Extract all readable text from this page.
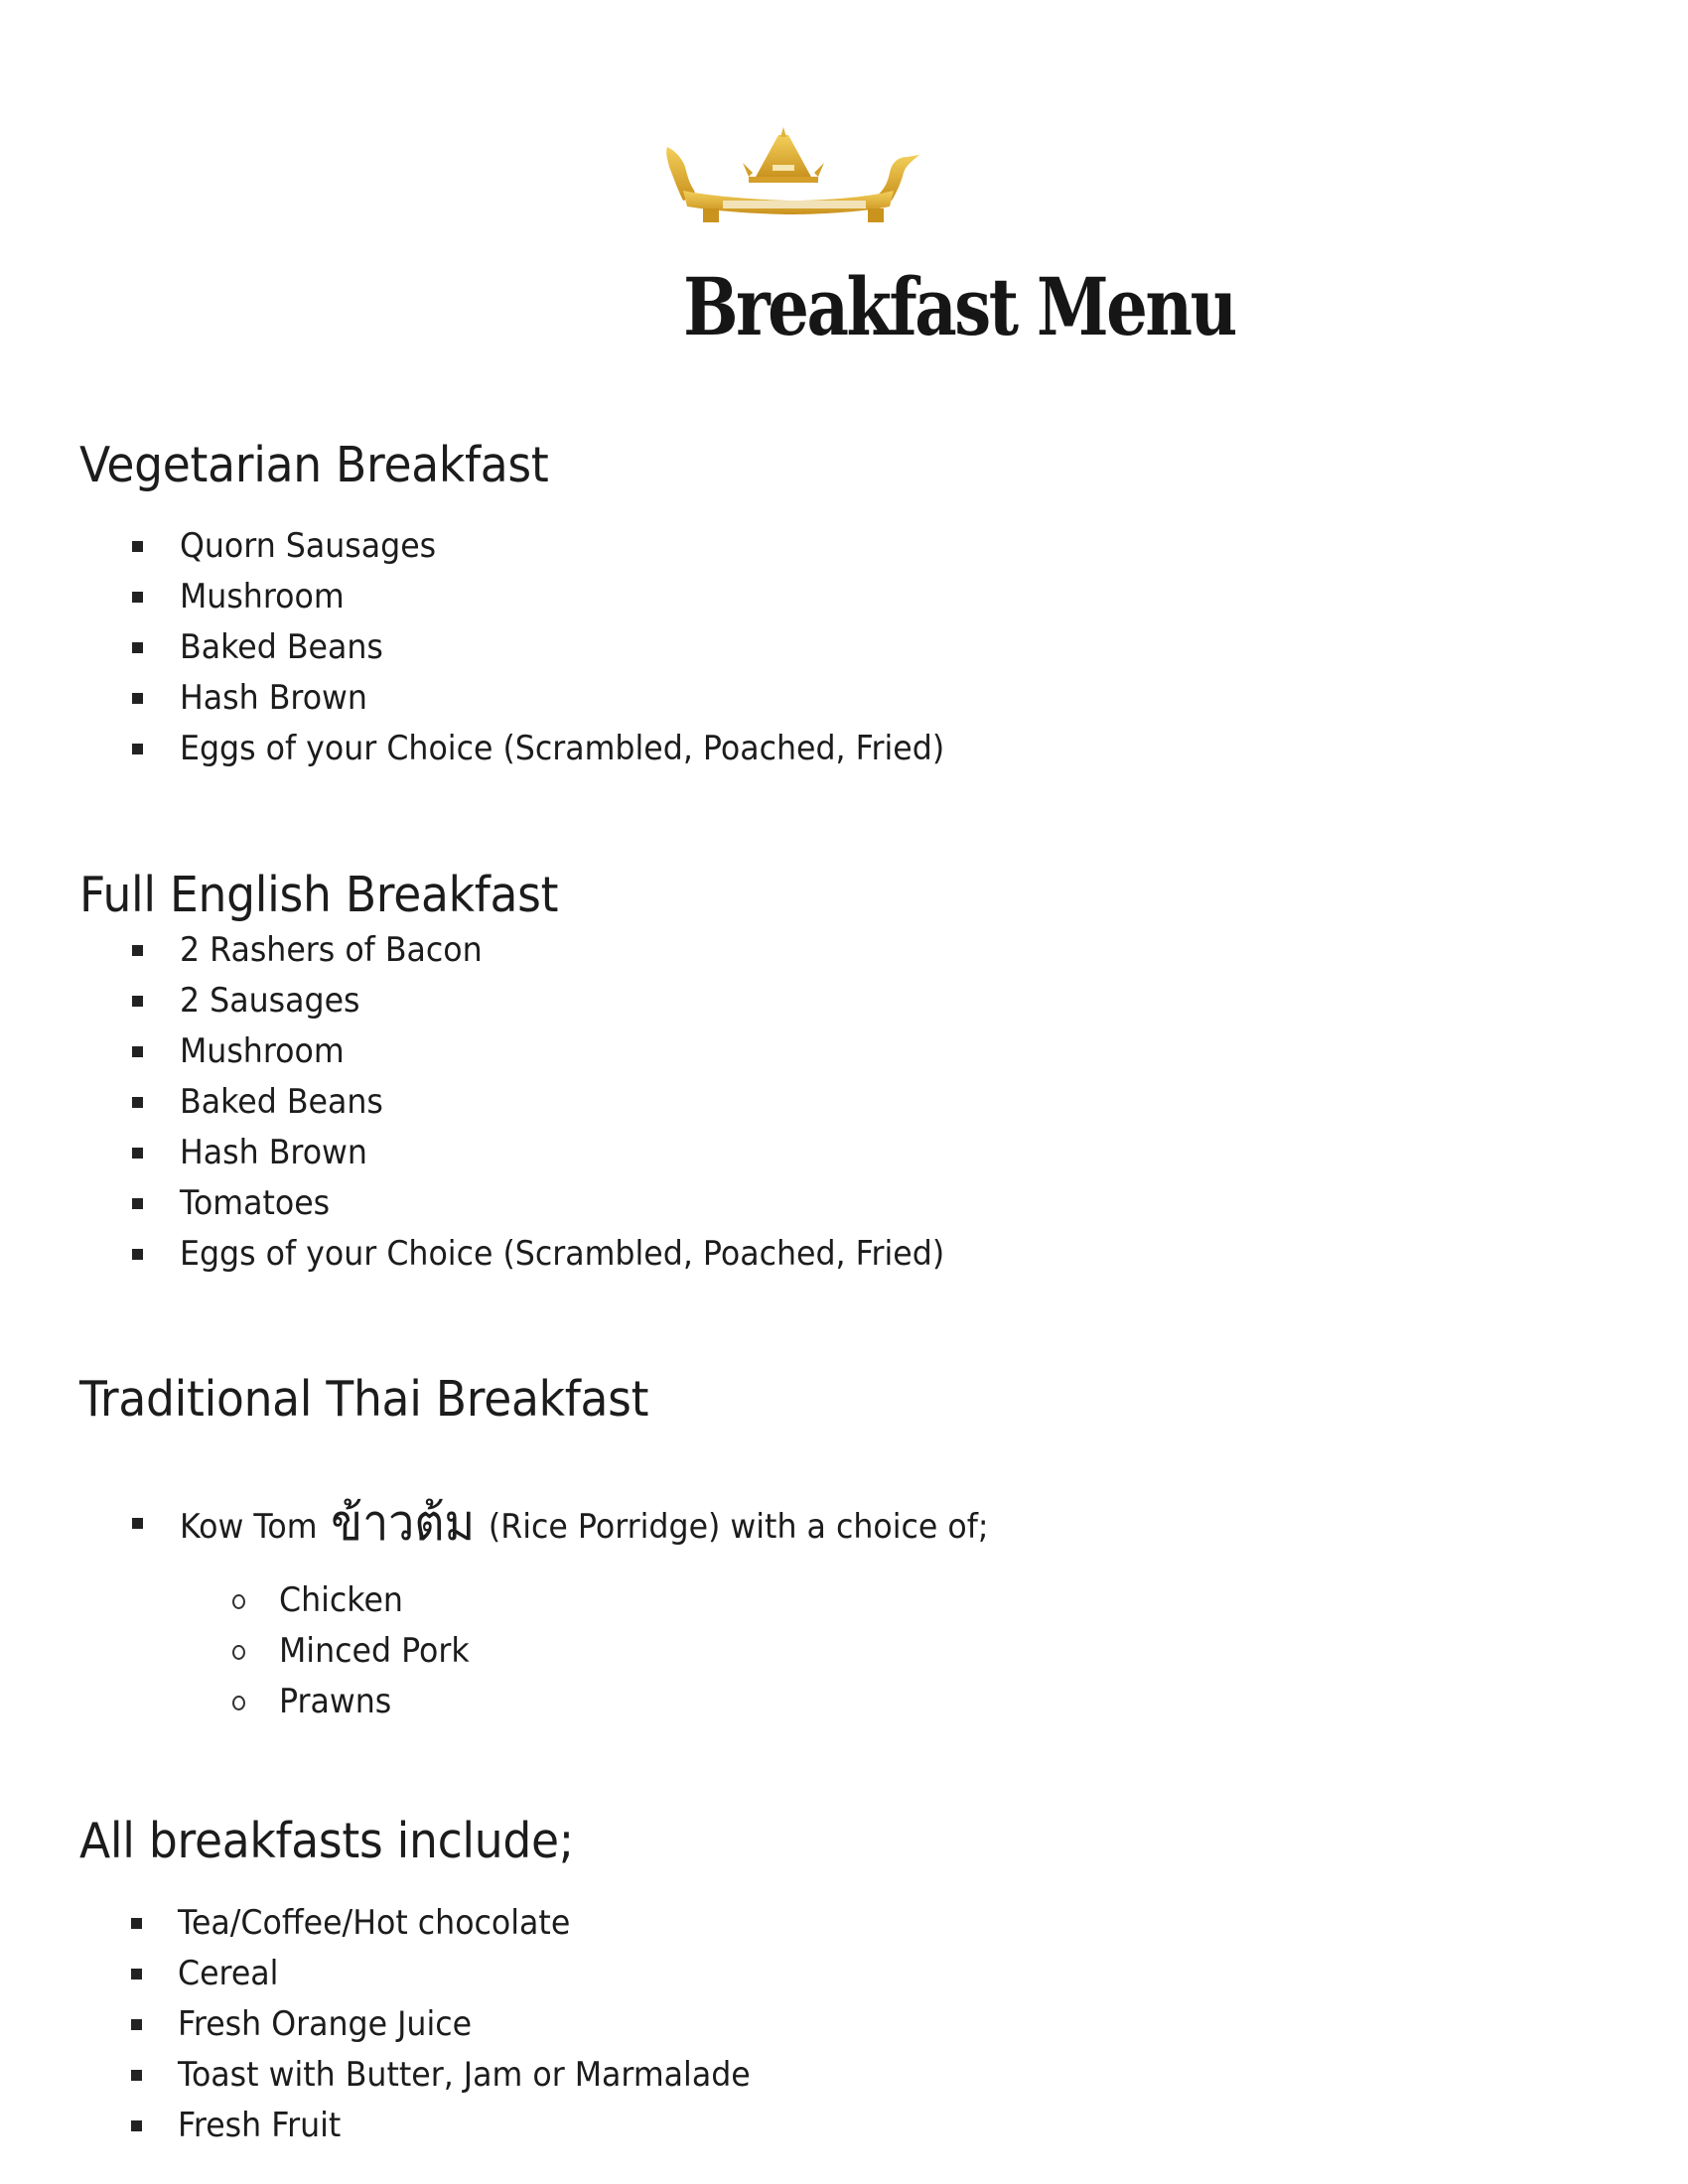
Breakfast Menu
Vegetarian Breakfast
Quorn Sausages
Mushroom
Baked Beans
Hash Brown
Eggs of your Choice (Scrambled, Poached, Fried)
Full English Breakfast
2 Rashers of Bacon
2 Sausages
Mushroom
Baked Beans
Hash Brown
Tomatoes
Eggs of your Choice (Scrambled, Poached, Fried)
Traditional Thai Breakfast
Kow Tom ข้าวต้ม (Rice Porridge) with a choice of;
Chicken
Minced Pork
Prawns
All breakfasts include;
Tea/Coffee/Hot chocolate
Cereal
Fresh Orange Juice
Toast with Butter, Jam or Marmalade
Fresh Fruit
